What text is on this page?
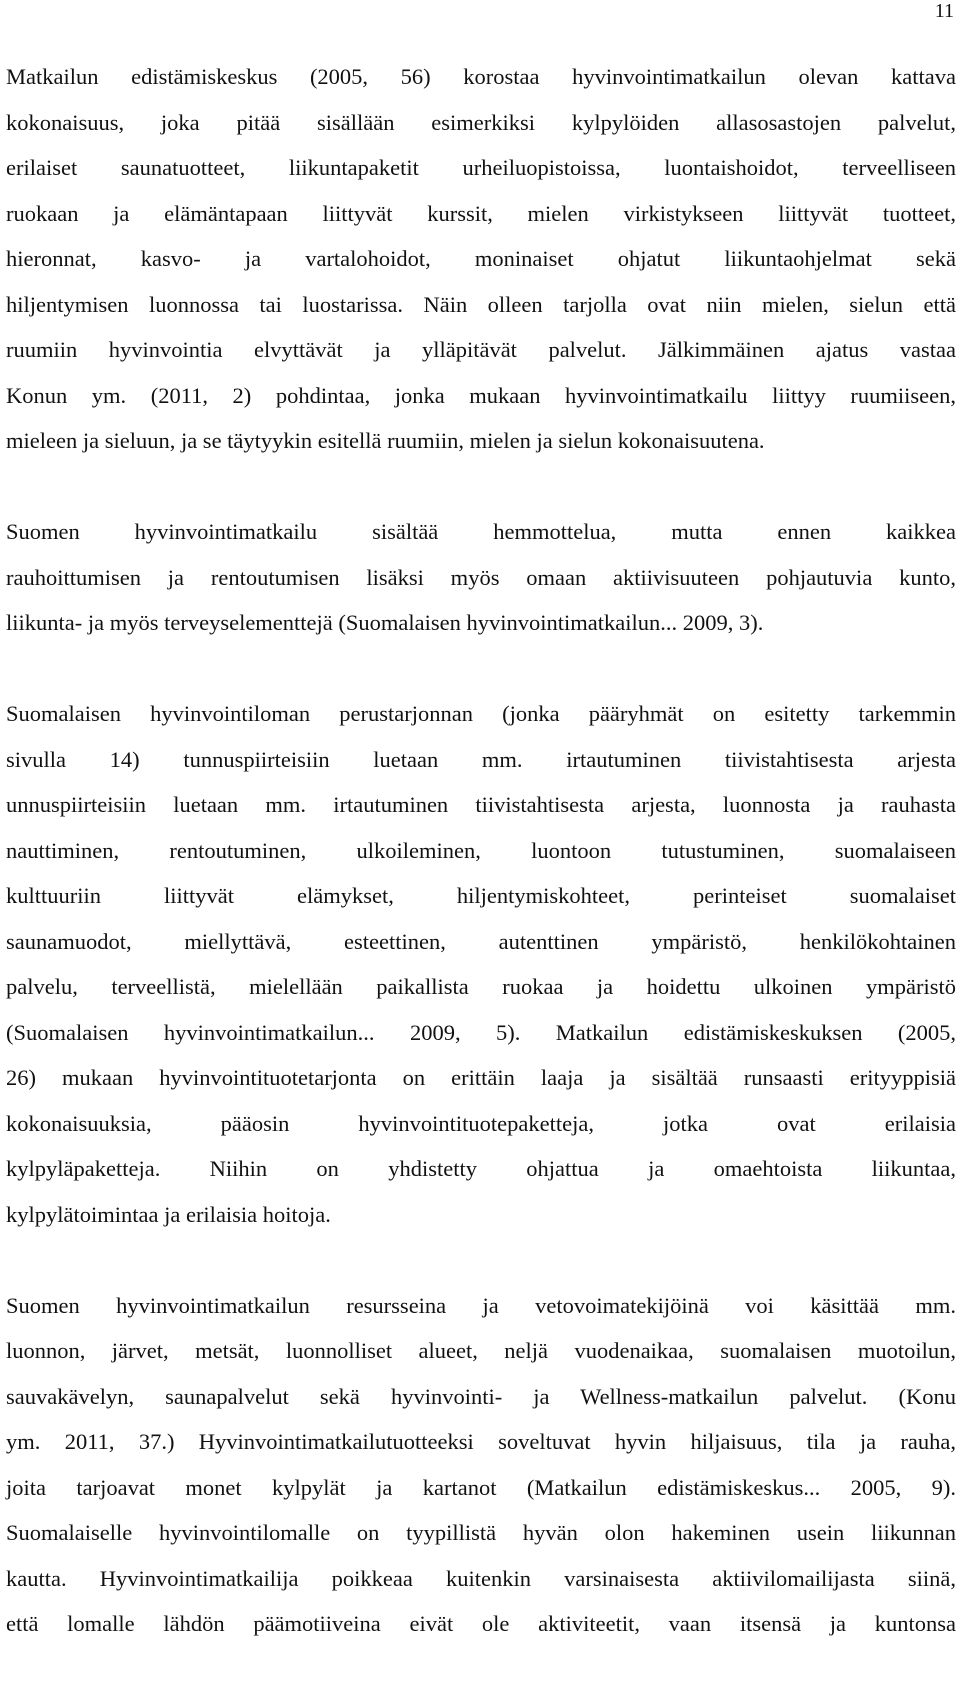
11
Matkailun edistämiskeskus (2005, 56) korostaa hyvinvointimatkailun olevan kattava
kokonaisuus, joka pitää sisällään esimerkiksi kylpylöiden allasosastojen palvelut,
erilaiset saunatuotteet, liikuntapaketit urheiluopistoissa, luontaishoidot, terveelliseen
ruokaan ja elämäntapaan liittyvät kurssit, mielen virkistykseen liittyvät tuotteet,
hieronnat, kasvo- ja vartalohoidot, moninaiset ohjatut liikuntaohjelmat sekä
hiljentymisen luonnossa tai luostarissa. Näin olleen tarjolla ovat niin mielen, sielun että
ruumiin hyvinvointia elvyttävät ja ylläpitävät palvelut. Jälkimmäinen ajatus vastaa
Konun ym. (2011, 2) pohdintaa, jonka mukaan hyvinvointimatkailu liittyy ruumiiseen,
mieleen ja sieluun, ja se täytyykin esitellä ruumiin, mielen ja sielun kokonaisuutena.
Suomen hyvinvointimatkailu sisältää hemmottelua, mutta ennen kaikkea
rauhoittumisen ja rentoutumisen lisäksi myös omaan aktiivisuuteen pohjautuvia kunto,
liikunta- ja myös terveyselementtejä (Suomalaisen hyvinvointimatkailun... 2009, 3).
Suomalaisen hyvinvointiloman perustarjonnan (jonka pääryhmät on esitetty tarkemmin
sivulla 14) tunnuspiirteisiin luetaan mm. irtautuminen tiivistahtisesta arjesta
unnuspiirteisiin luetaan mm. irtautuminen tiivistahtisesta arjesta, luonnosta ja rauhasta
nauttiminen, rentoutuminen, ulkoileminen, luontoon tutustuminen, suomalaiseen
kulttuuriin liittyvät elämykset, hiljentymiskohteet, perinteiset suomalaiset
saunamuodot, miellyttävä, esteettinen, autenttinen ympäristö, henkilökohtainen
palvelu, terveellistä, mielellään paikallista ruokaa ja hoidettu ulkoinen ympäristö
(Suomalaisen hyvinvointimatkailun... 2009, 5). Matkailun edistämiskeskuksen (2005,
26) mukaan hyvinvointituotetarjonta on erittäin laaja ja sisältää runsaasti erityyppisiä
kokonaisuuksia, pääosin hyvinvointituotepaketteja, jotka ovat erilaisia
kylpyläpaketteja. Niihin on yhdistetty ohjattua ja omaehtoista liikuntaa,
kylpylätoimintaa ja erilaisia hoitoja.
Suomen hyvinvointimatkailun resursseina ja vetovoimatekijöinä voi käsittää mm.
luonnon, järvet, metsät, luonnolliset alueet, neljä vuodenaikaa, suomalaisen muotoilun,
sauvakävelyn, saunapalvelut sekä hyvinvointi- ja Wellness-matkailun palvelut. (Konu
ym. 2011, 37.) Hyvinvointimatkailutuotteeksi soveltuvat hyvin hiljaisuus, tila ja rauha,
joita tarjoavat monet kylpylät ja kartanot (Matkailun edistämiskeskus... 2005, 9).
Suomalaiselle hyvinvointilomalle on tyypillistä hyvän olon hakeminen usein liikunnan
kautta. Hyvinvointimatkailija poikkeaa kuitenkin varsinaisesta aktiivilomailijasta siinä,
että lomalle lähdön päämotiiveina eivät ole aktiviteetit, vaan itsensä ja kuntonsa
